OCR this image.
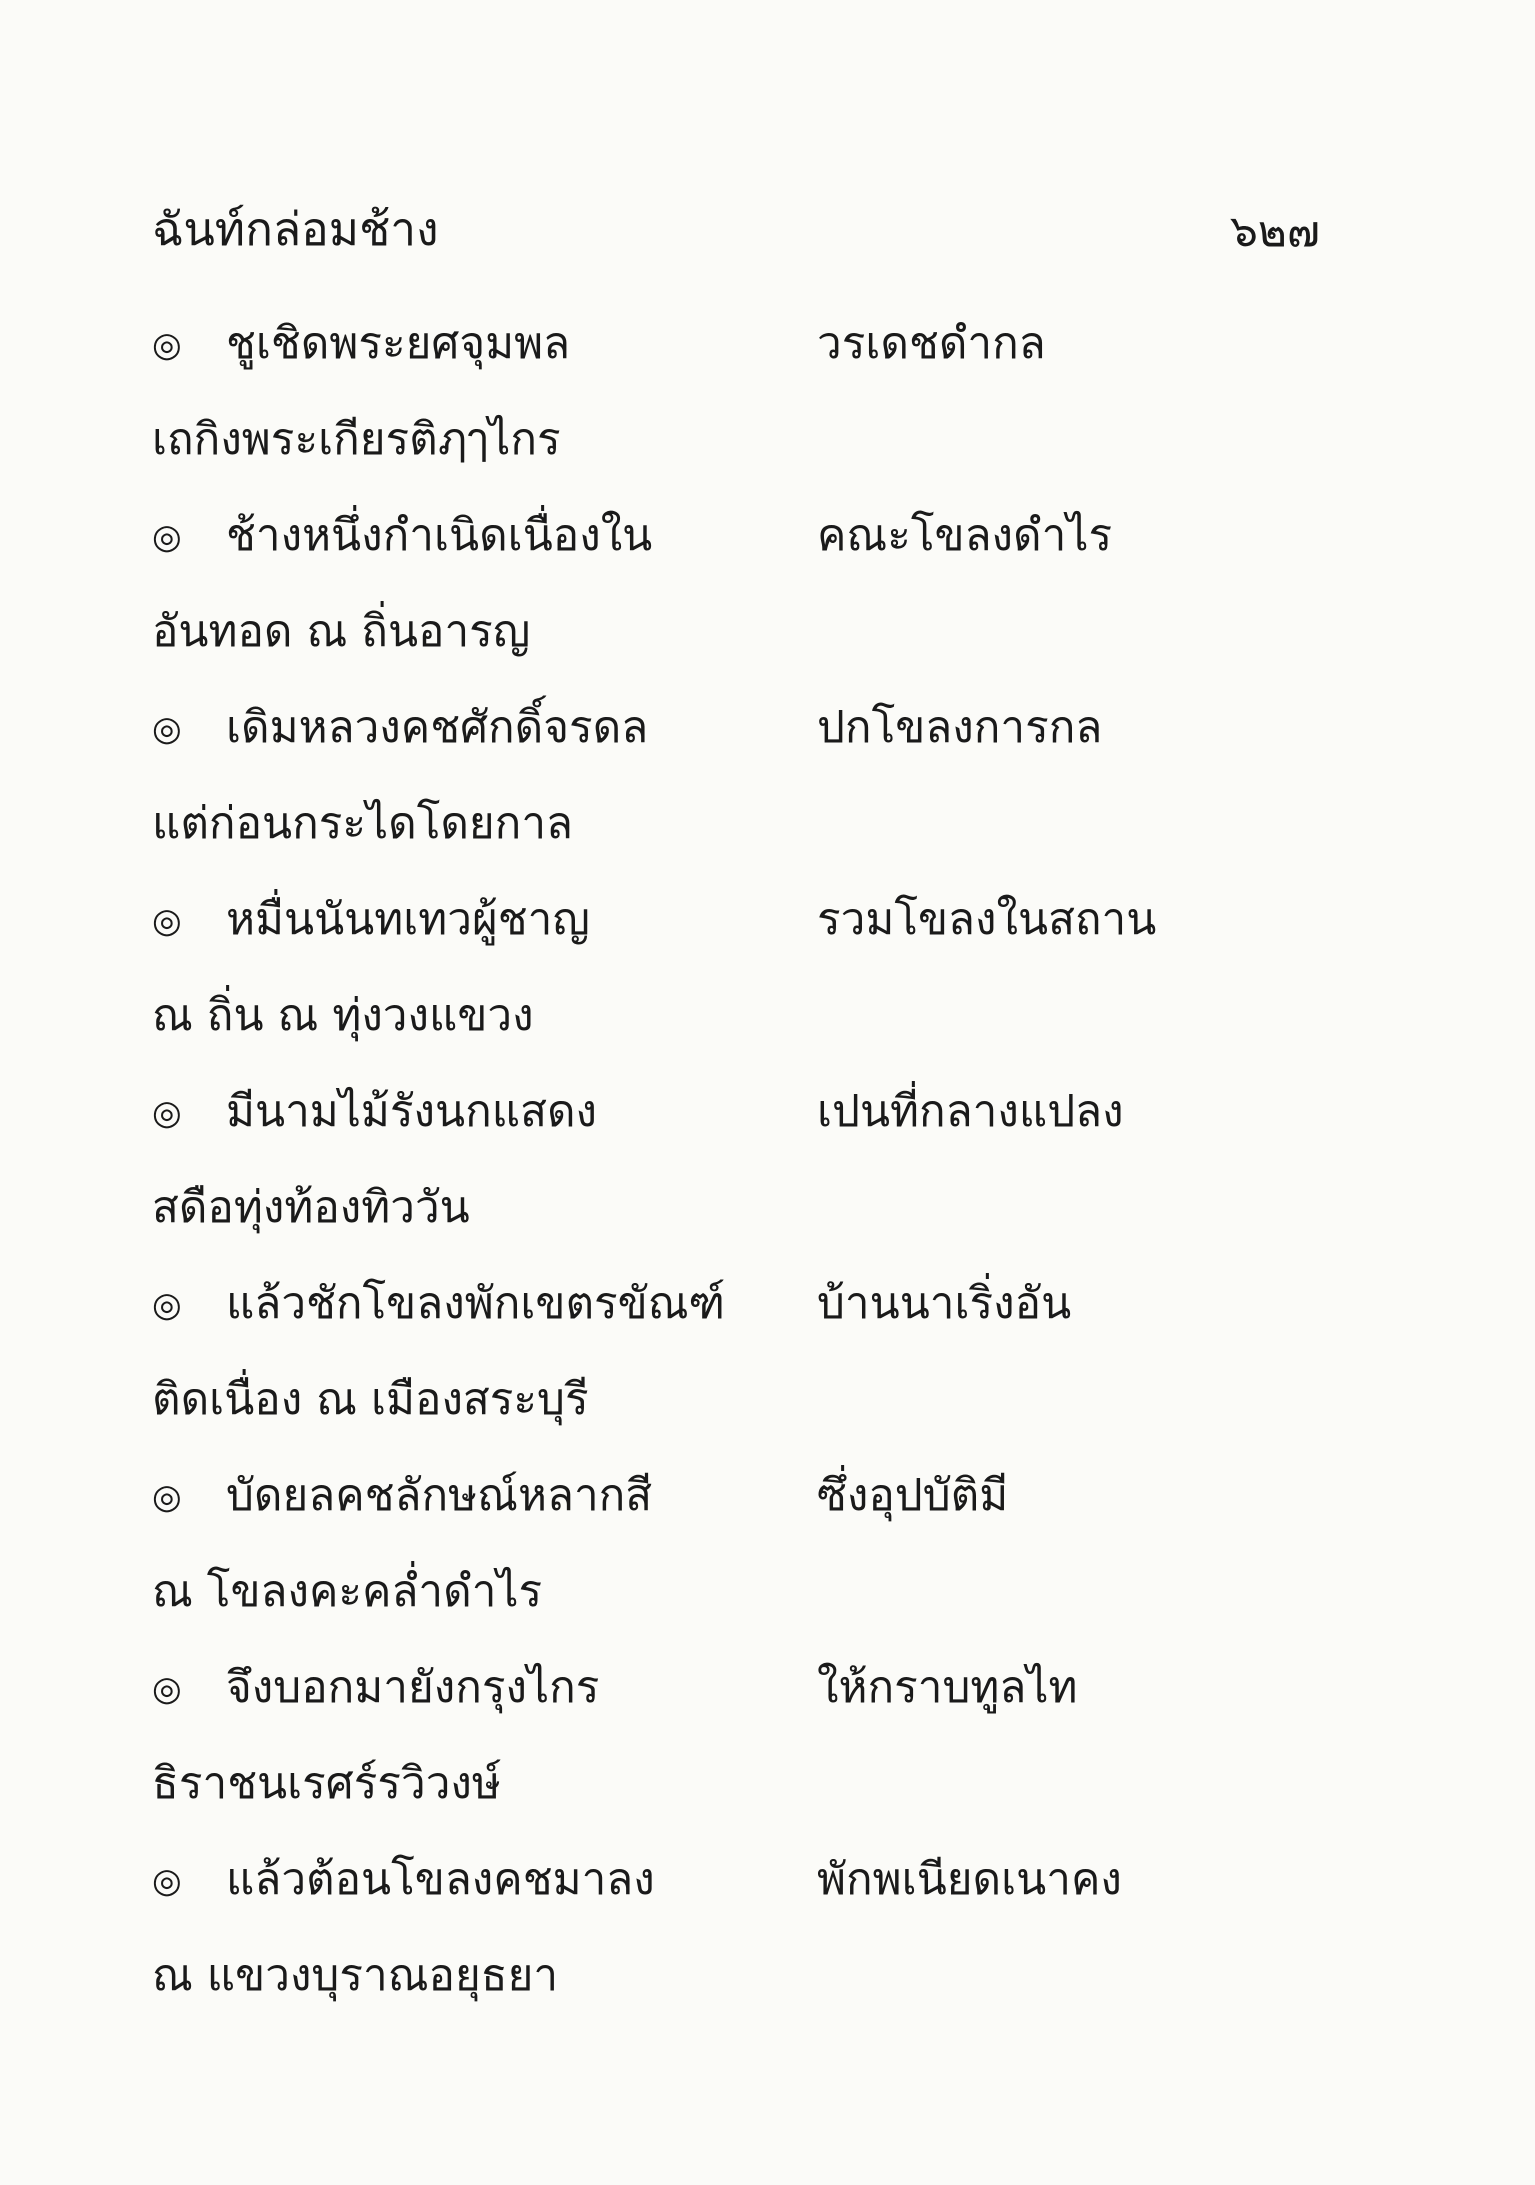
ฉันท์กล่อมช้าง	๖๒๗
◎ ชูเชิดพระยศจุมพล	วรเดชดำกล
เถกิงพระเกียรติฦๅไกร
◎ ช้างหนึ่งกำเนิดเนื่องใน	คณะโขลงดำไร
อันทอด ณ ถิ่นอารญ
◎ เดิมหลวงคชศักดิ์จรดล	ปกโขลงการกล
แต่ก่อนกระไดโดยกาล
◎ หมื่นนันทเทวผู้ชาญ	รวมโขลงในสถาน
ณ ถิ่น ณ ทุ่งวงแขวง
◎ มีนามไม้รังนกแสดง	เปนที่กลางแปลง
สดือทุ่งท้องทิววัน
◎ แล้วชักโขลงพักเขตรขัณฑ์ บ้านนาเริ่งอัน
ติดเนื่อง ณ เมืองสระบุรี
◎ บัดยลคชลักษณ์หลากสี	ซึ่งอุปบัติมี
ณ โขลงคะคล่ำดำไร
◎ จึงบอกมายังกรุงไกร	ให้กราบทูลไท
ธิราชนเรศร์รวิวงษ์
◎ แล้วต้อนโขลงคชมาลง	พักพเนียดเนาคง
ณ แขวงบุราณอยุธยา
